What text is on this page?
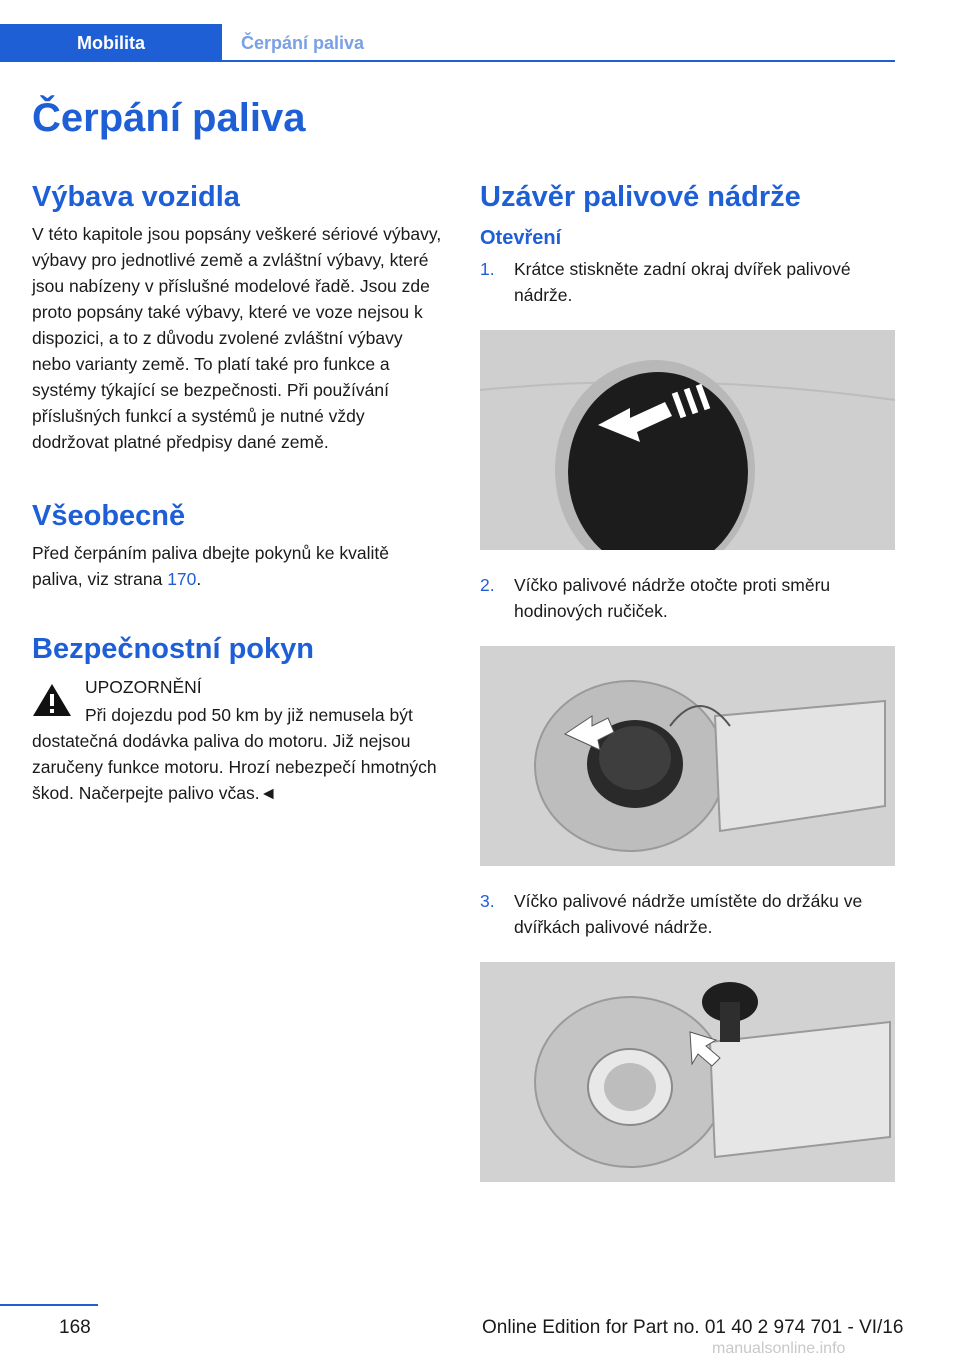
Mobilita	Čerpání paliva
Čerpání paliva
Výbava vozidla

V této kapitole jsou popsány veškeré sériové výbavy, výbavy pro jednotlivé země a zvláštní výbavy, které jsou nabízeny v příslušné modelové řadě. Jsou zde proto popsány také výbavy, které ve voze nejsou k dispozici, a to z důvodu zvolené zvláštní výbavy nebo varianty země. To platí také pro funkce a systémy týkající se bezpečnosti. Při používání příslušných funkcí a systémů je nutné vždy dodržovat platné předpisy dané země.

Všeobecně

Před čerpáním paliva dbejte pokynů ke kvalitě paliva, viz strana 170.

Bezpečnostní pokyn

UPOZORNĚNÍ

Při dojezdu pod 50 km by již nemusela být dostatečná dodávka paliva do motoru. Již nejsou zaručeny funkce motoru. Hrozí nebezpečí hmotných škod. Načerpejte palivo včas.◄

Uzávěr palivové nádrže
Otevření
1. Krátce stiskněte zadní okraj dvířek palivové nádrže.
2. Víčko palivové nádrže otočte proti směru hodinových ručiček.
3. Víčko palivové nádrže umístěte do držáku ve dvířkách palivové nádrže.
168	Online Edition for Part no. 01 40 2 974 701 - VI/16
manualsonline.info
